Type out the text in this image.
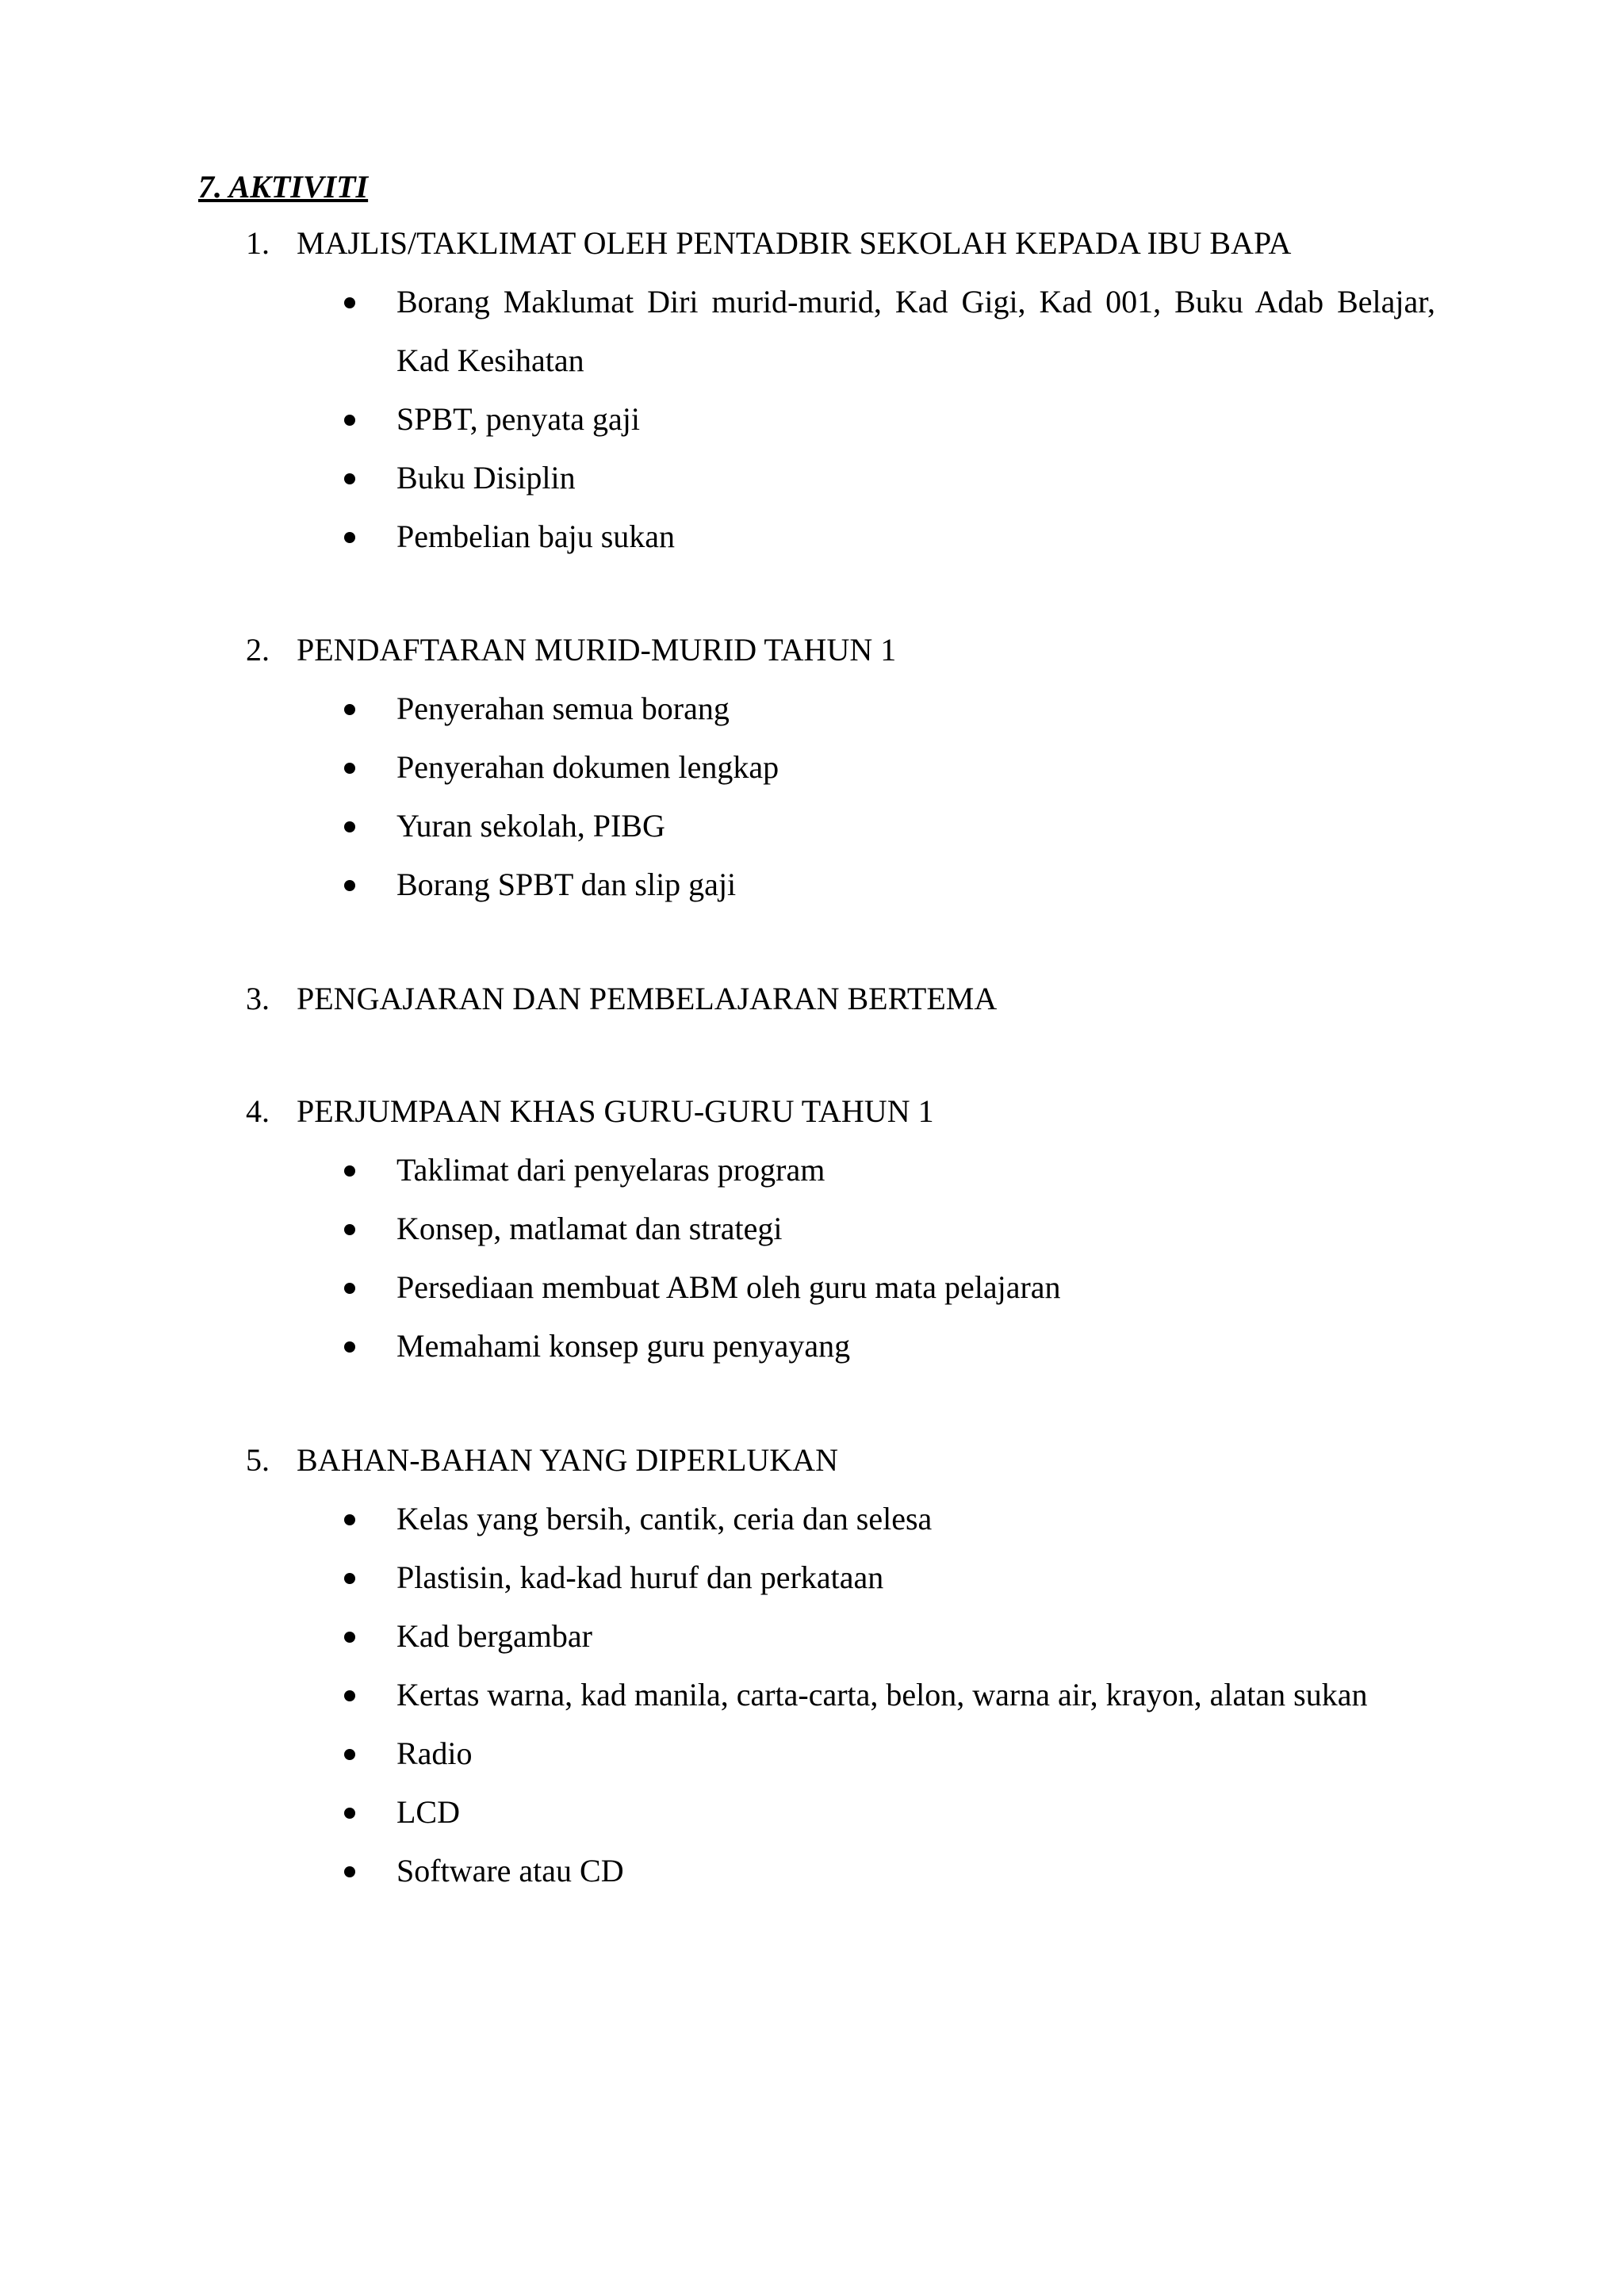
7. AKTIVITI
1. MAJLIS/TAKLIMAT OLEH PENTADBIR SEKOLAH KEPADA IBU BAPA
Borang Maklumat Diri murid-murid, Kad Gigi, Kad 001, Buku Adab Belajar, Kad Kesihatan
SPBT, penyata gaji
Buku Disiplin
Pembelian baju sukan
2. PENDAFTARAN MURID-MURID TAHUN 1
Penyerahan semua borang
Penyerahan dokumen lengkap
Yuran sekolah, PIBG
Borang SPBT dan slip gaji
3. PENGAJARAN DAN PEMBELAJARAN BERTEMA
4. PERJUMPAAN KHAS GURU-GURU TAHUN 1
Taklimat dari penyelaras program
Konsep, matlamat dan strategi
Persediaan membuat ABM oleh guru mata pelajaran
Memahami konsep guru penyayang
5. BAHAN-BAHAN YANG DIPERLUKAN
Kelas yang bersih, cantik, ceria dan selesa
Plastisin, kad-kad huruf dan perkataan
Kad bergambar
Kertas warna, kad manila, carta-carta, belon, warna air, krayon, alatan sukan
Radio
LCD
Software atau CD
